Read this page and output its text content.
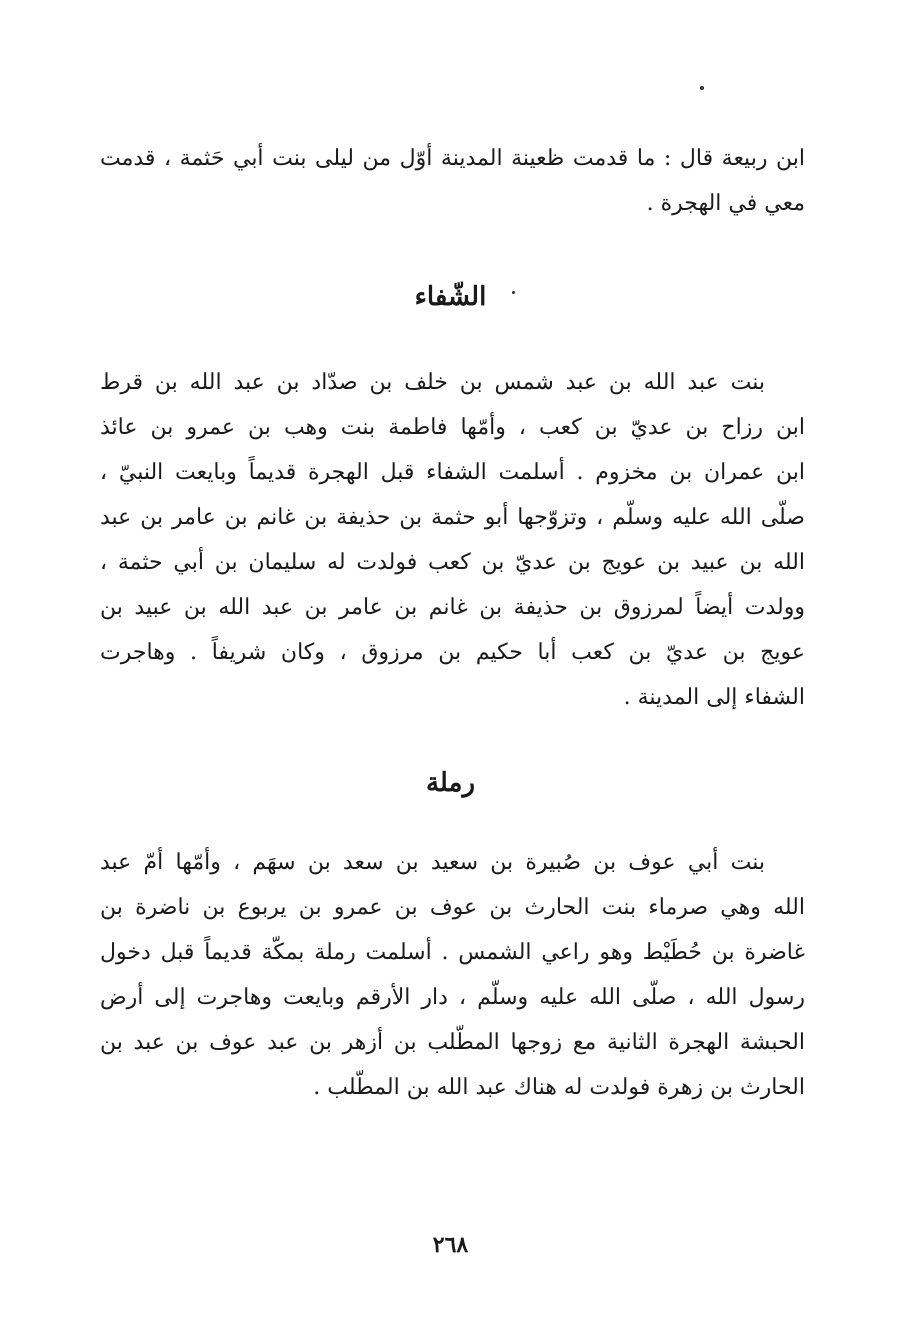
ابن ربيعة قال : ما قدمت ظعينة المدينة أوّل من ليلى بنت أبي حَثمة ، قدمت
معي في الهجرة .
الشّفاء
بنت عبد الله بن عبد شمس بن خلف بن صدّاد بن عبد الله بن قرط
ابن رزاح بن عديّ بن كعب ، وأمّها فاطمة بنت وهب بن عمرو بن عائذ
ابن عمران بن مخزوم . أسلمت الشفاء قبل الهجرة قديماً وبايعت النبيّ ،
صلّى الله عليه وسلّم ، وتزوّجها أبو حثمة بن حذيفة بن غانم بن عامر بن عبد
الله بن عبيد بن عويج بن عديّ بن كعب فولدت له سليمان بن أبي حثمة ،
وولدت أيضاً لمرزوق بن حذيفة بن غانم بن عامر بن عبد الله بن عبيد بن
عويج بن عديّ بن كعب أبا حكيم بن مرزوق ، وكان شريفاً . وهاجرت
الشفاء إلى المدينة .
رملة
بنت أبي عوف بن صُبيرة بن سعيد بن سعد بن سهَم ، وأمّها أمّ عبد
الله وهي صرماء بنت الحارث بن عوف بن عمرو بن يربوع بن ناضرة بن
غاضرة بن حُطَيْط وهو راعي الشمس . أسلمت رملة بمكّة قديماً قبل دخول
رسول الله ، صلّى الله عليه وسلّم ، دار الأرقم وبايعت وهاجرت إلى أرض
الحبشة الهجرة الثانية مع زوجها المطّلب بن أزهر بن عبد عوف بن عبد بن
الحارث بن زهرة فولدت له هناك عبد الله بن المطّلب .
٢٦٨
